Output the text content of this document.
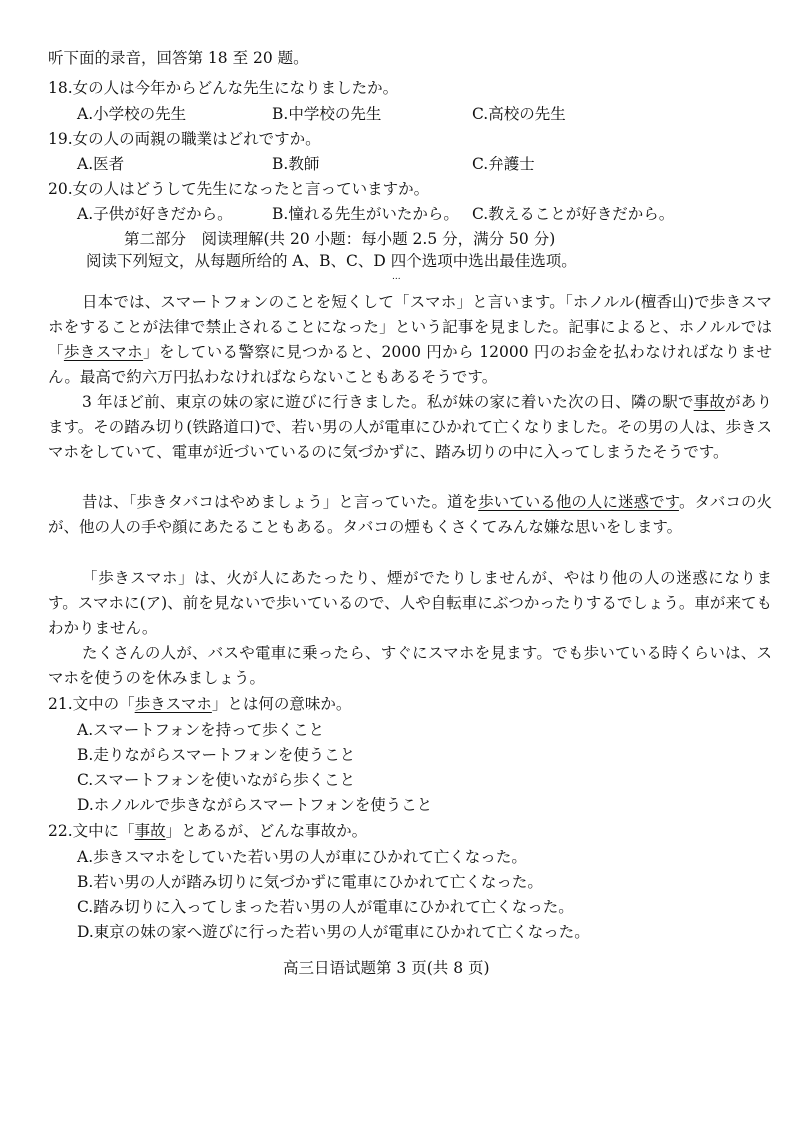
听下面的录音，回答第 18 至 20 题。
18.女の人は今年からどんな先生になりましたか。
A.小学校の先生	B.中学校の先生	C.高校の先生
19.女の人の両親の職業はどれですか。
A.医者	B.教師	C.弁護士
20.女の人はどうして先生になったと言っていますか。
A.子供が好きだから。	B.憧れる先生がいたから。 C.教えることが好きだから。
第二部分　阅读理解(共 20 小题：每小题 2.5 分，满分 50 分)
阅读下列短文，从每题所给的 A、B、C、D 四个选项中选出最佳选项。
...
日本では、スマートフォンのことを短くして「スマホ」と言います。「ホノルル(檀香山)で歩きスマホをすることが法律で禁止されることになった」という記事を見ました。記事によると、ホノルルでは「歩きスマホ」をしている警察に見つかると、2000 円から 12000 円のお金を払わなければなりません。最高で約六万円払わなければならないこともあるそうです。
3 年ほど前、東京の妹の家に遊びに行きました。私が妹の家に着いた次の日、隣の駅で事故があります。その踏み切り(铁路道口)で、若い男の人が電車にひかれて亡くなりました。その男の人は、歩きスマホをしていて、電車が近づいているのに気づかずに、踏み切りの中に入ってしまうたそうです。
昔は、「歩きタバコはやめましょう」と言っていた。道を歩いている他の人に迷惑です。タバコの火が、他の人の手や顔にあたることもある。タバコの煙もくさくてみんな嫌な思いをします。
「歩きスマホ」は、火が人にあたったり、煙がでたりしませんが、やはり他の人の迷惑になります。スマホに(ア)、前を見ないで歩いているので、人や自転車にぶつかったりするでしょう。車が来てもわかりません。
たくさんの人が、バスや電車に乗ったら、すぐにスマホを見ます。でも歩いている時くらいは、スマホを使うのを休みましょう。
21.文中の「歩きスマホ」とは何の意味か。
A.スマートフォンを持って歩くこと
B.走りながらスマートフォンを使うこと
C.スマートフォンを使いながら歩くこと
D.ホノルルで歩きながらスマートフォンを使うこと
22.文中に「事故」とあるが、どんな事故か。
A.歩きスマホをしていた若い男の人が車にひかれて亡くなった。
B.若い男の人が踏み切りに気づかずに電車にひかれて亡くなった。
C.踏み切りに入ってしまった若い男の人が電車にひかれて亡くなった。
D.東京の妹の家へ遊びに行った若い男の人が電車にひかれて亡くなった。
高三日语试题第 3 页(共 8 页)
